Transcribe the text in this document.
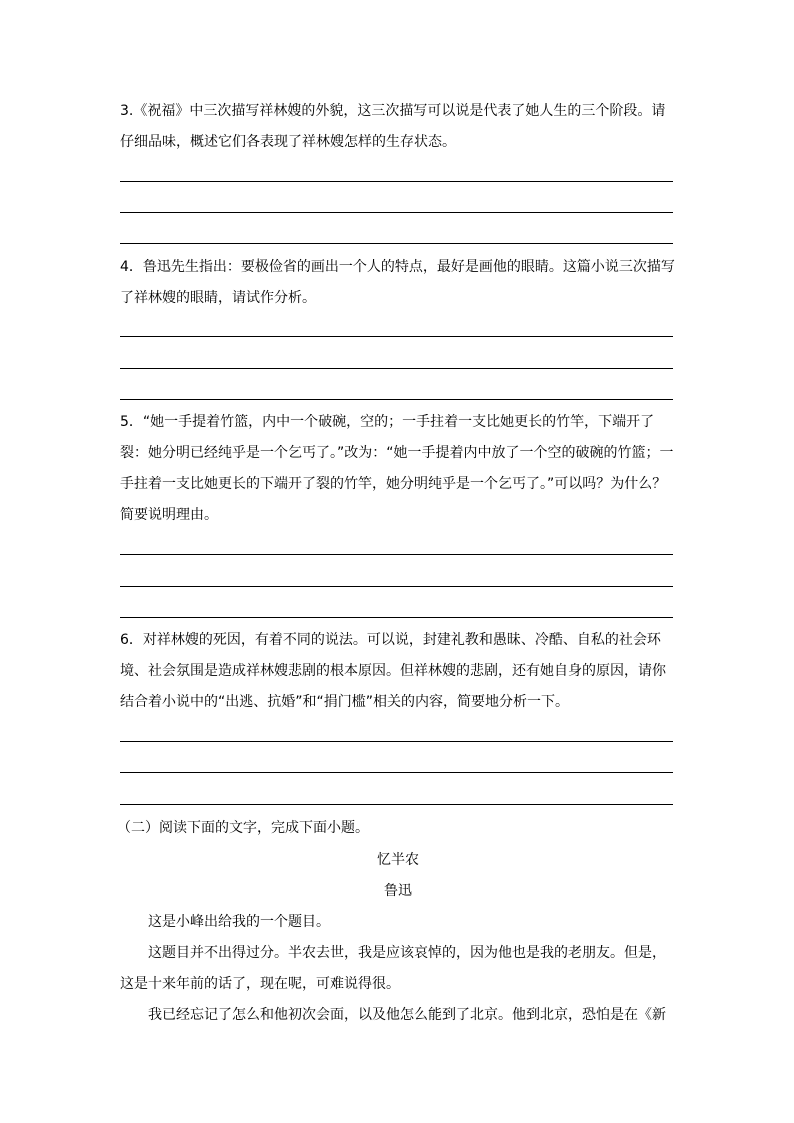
3.《祝福》中三次描写祥林嫂的外貌，这三次描写可以说是代表了她人生的三个阶段。请仔细品味，概述它们各表现了祥林嫂怎样的生存状态。

4．鲁迅先生指出：要极俭省的画出一个人的特点，最好是画他的眼睛。这篇小说三次描写了祥林嫂的眼睛，请试作分析。

5．“她一手提着竹篮，内中一个破碗，空的；一手拄着一支比她更长的竹竿，下端开了裂：她分明已经纯乎是一个乞丐了。”改为：“她一手提着内中放了一个空的破碗的竹篮；一手拄着一支比她更长的下端开了裂的竹竿，她分明纯乎是一个乞丐了。”可以吗？为什么？简要说明理由。

6．对祥林嫂的死因，有着不同的说法。可以说，封建礼教和愚昧、冷酷、自私的社会环境、社会氛围是造成祥林嫂悲剧的根本原因。但祥林嫂的悲剧，还有她自身的原因，请你结合着小说中的“出逃、抗婚”和“捐门槛”相关的内容，简要地分析一下。

（二）阅读下面的文字，完成下面小题。

忆半农

鲁迅

这是小峰出给我的一个题目。

这题目并不出得过分。半农去世，我是应该哀悼的，因为他也是我的老朋友。但是，这是十来年前的话了，现在呢，可难说得很。

我已经忘记了怎么和他初次会面，以及他怎么能到了北京。他到北京，恐怕是在《新
